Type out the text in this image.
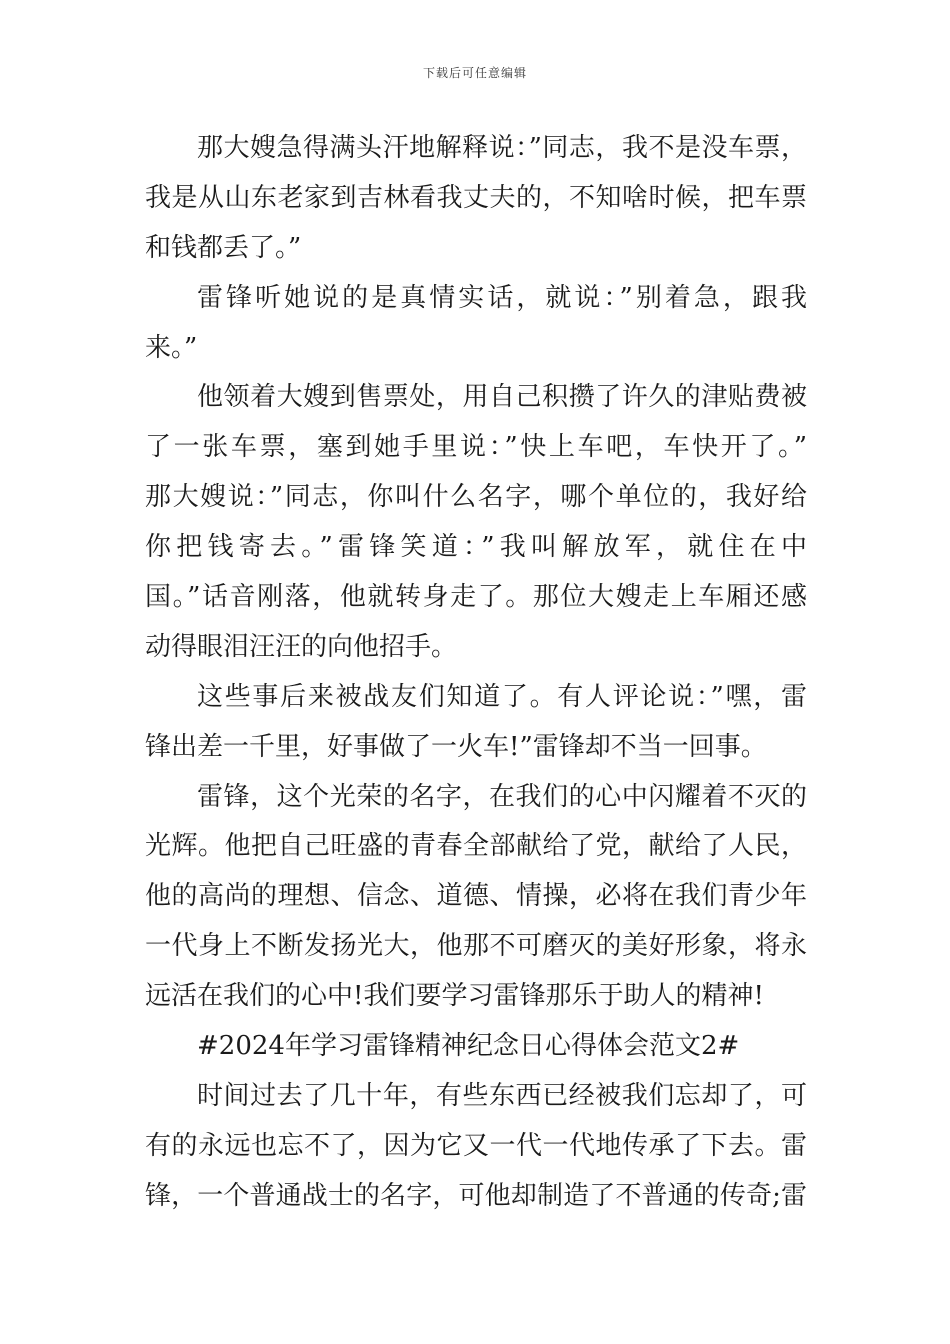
下载后可任意编辑
那大嫂急得满头汗地解释说：”同志，我不是没车票，
我是从山东老家到吉林看我丈夫的，不知啥时候，把车票
和钱都丢了。”
雷锋听她说的是真情实话，就说：”别着急，跟我
来。”
他领着大嫂到售票处，用自己积攒了许久的津贴费被
了一张车票，塞到她手里说：”快上车吧，车快开了。”
那大嫂说：”同志，你叫什么名字，哪个单位的，我好给
你把钱寄去。”雷锋笑道：”我叫解放军，就住在中
国。”话音刚落，他就转身走了。那位大嫂走上车厢还感
动得眼泪汪汪的向他招手。
这些事后来被战友们知道了。有人评论说：”嘿，雷
锋出差一千里，好事做了一火车!”雷锋却不当一回事。
雷锋，这个光荣的名字，在我们的心中闪耀着不灭的
光辉。他把自己旺盛的青春全部献给了党，献给了人民，
他的高尚的理想、信念、道德、情操，必将在我们青少年
一代身上不断发扬光大，他那不可磨灭的美好形象，将永
远活在我们的心中!我们要学习雷锋那乐于助人的精神!
#2024年学习雷锋精神纪念日心得体会范文2#
时间过去了几十年，有些东西已经被我们忘却了，可
有的永远也忘不了，因为它又一代一代地传承了下去。雷
锋，一个普通战士的名字，可他却制造了不普通的传奇;雷
